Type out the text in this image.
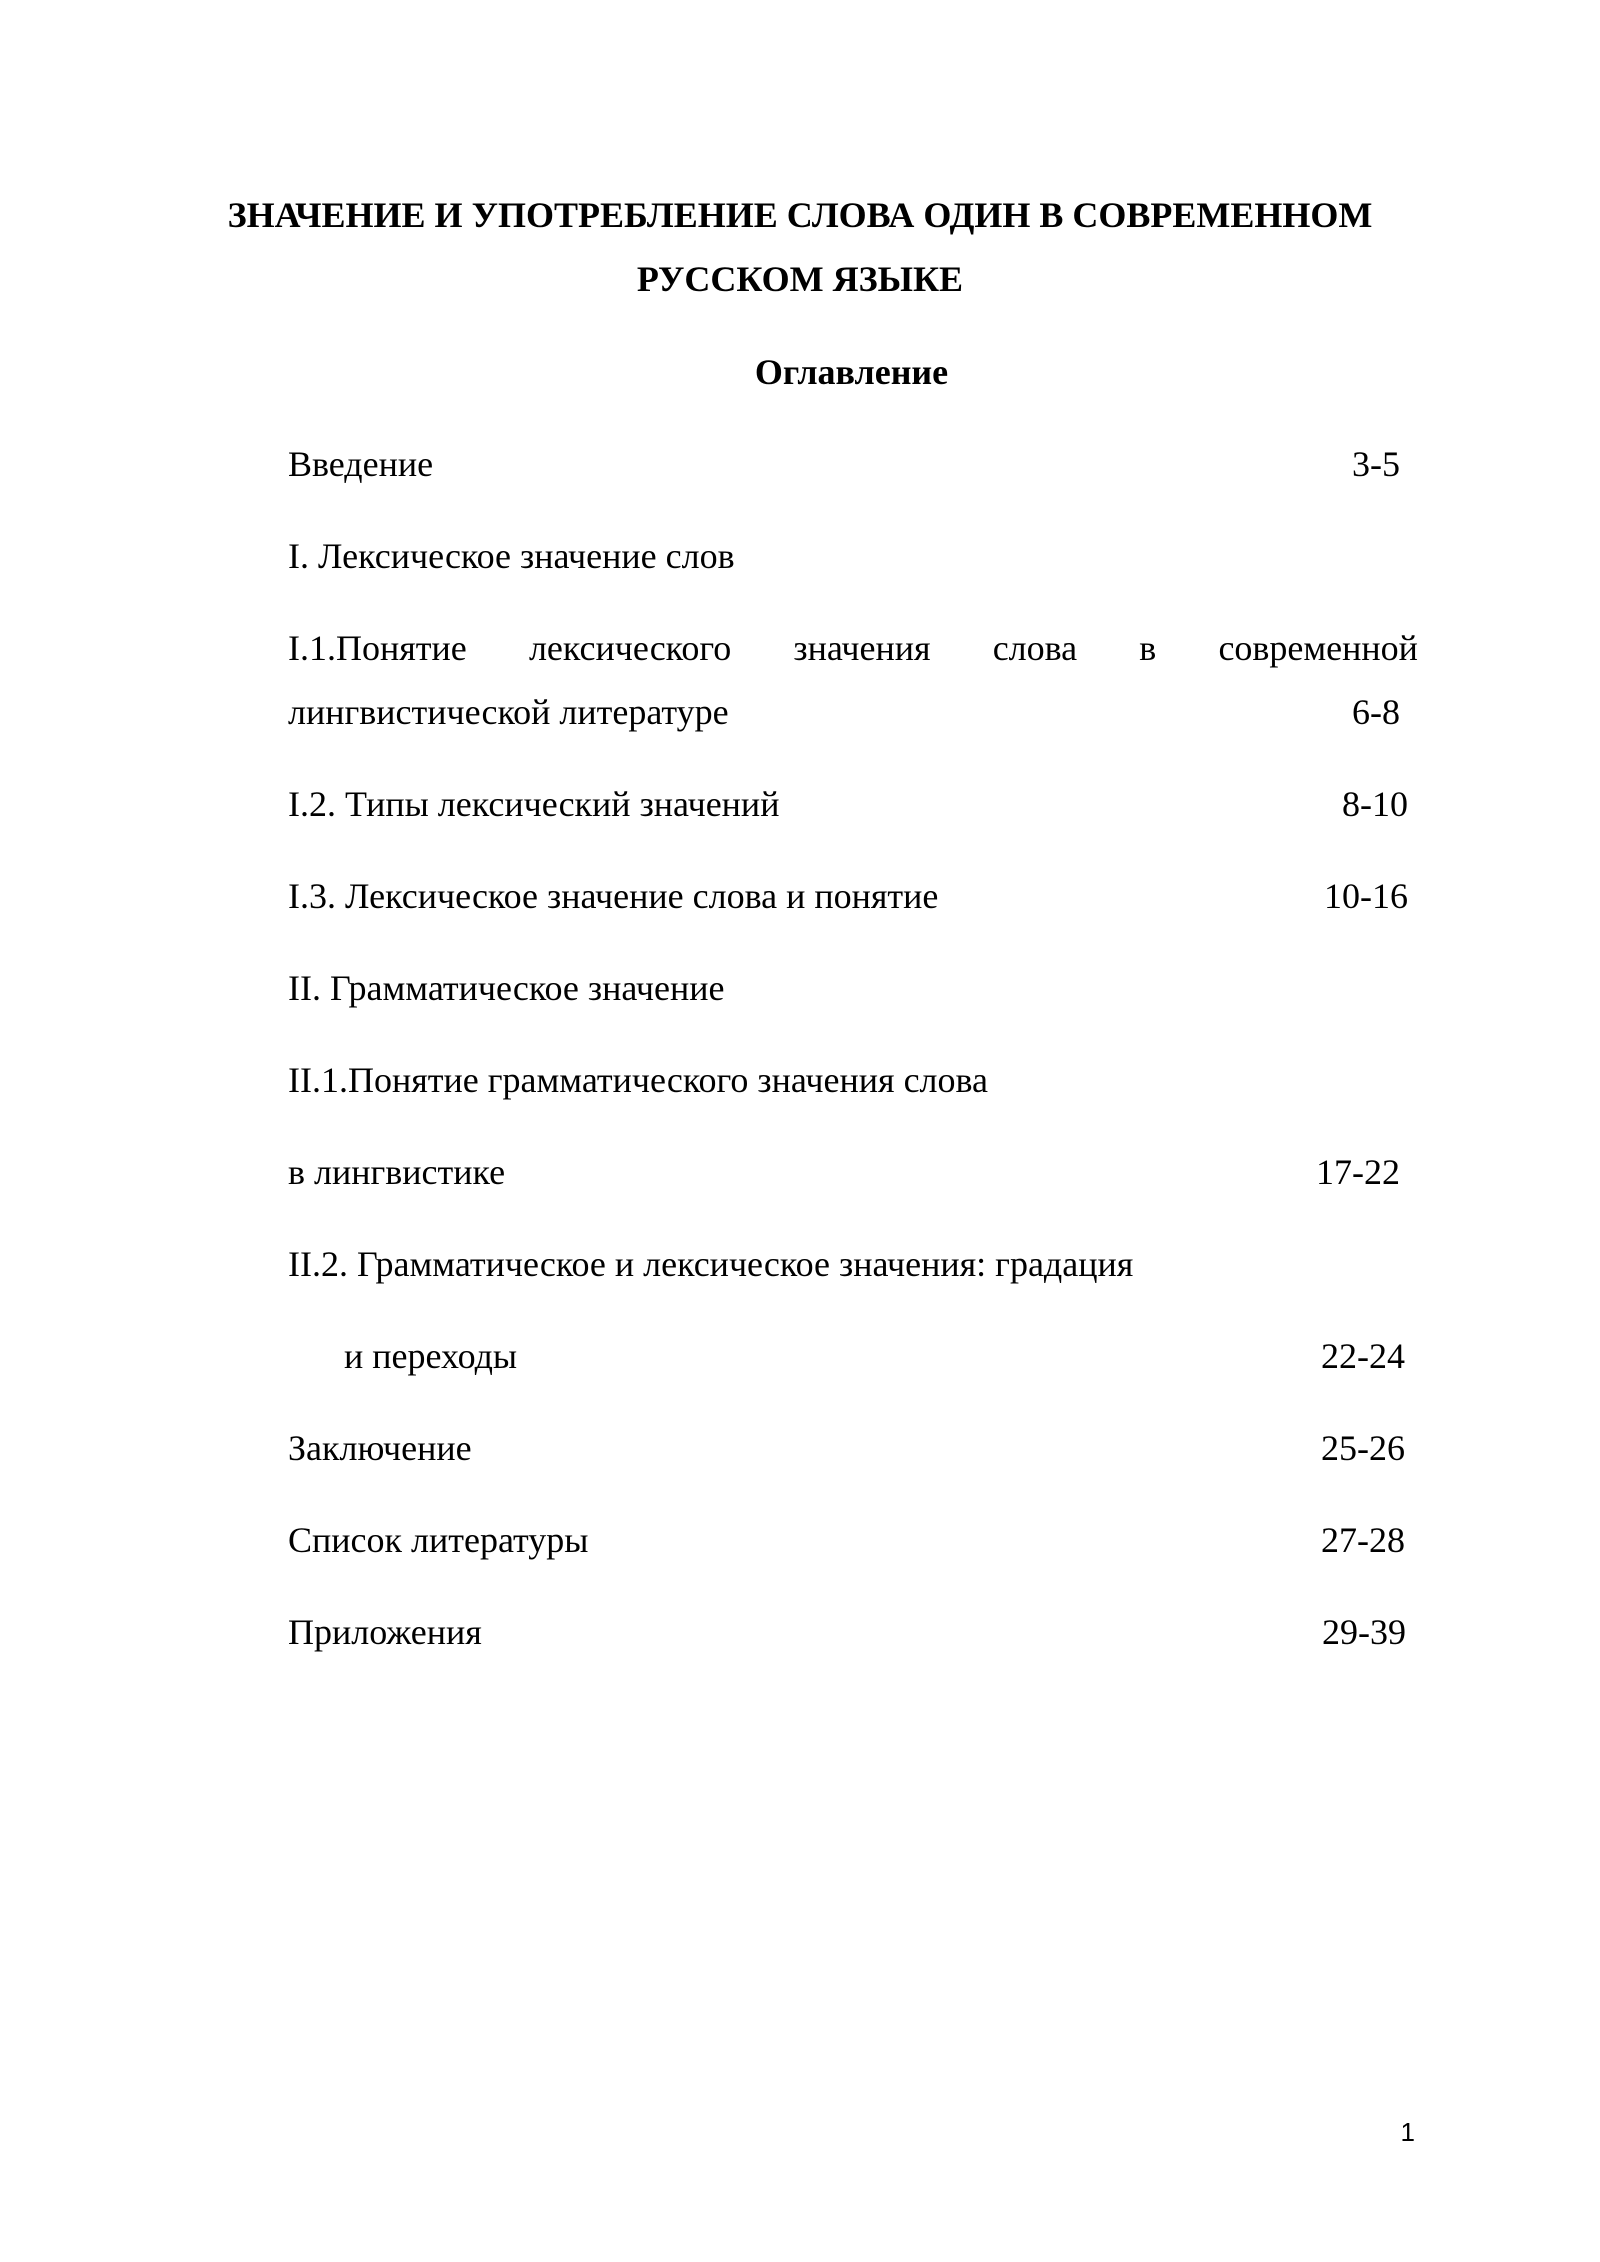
ЗНАЧЕНИЕ И УПОТРЕБЛЕНИЕ СЛОВА ОДИН В СОВРЕМЕННОМ
РУССКОМ ЯЗЫКЕ
Оглавление
Введение	3-5
I. Лексическое значение слов
I.1.Понятие лексического значения слова в современной
лингвистической литературе	6-8
I.2. Типы лексический значений	8-10
I.3. Лексическое значение слова и понятие	10-16
II. Грамматическое значение
II.1.Понятие грамматического значения слова
в лингвистике	17-22
II.2. Грамматическое и лексическое значения: градация
и переходы	22-24
Заключение	25-26
Список литературы	27-28
Приложения	29-39
1
